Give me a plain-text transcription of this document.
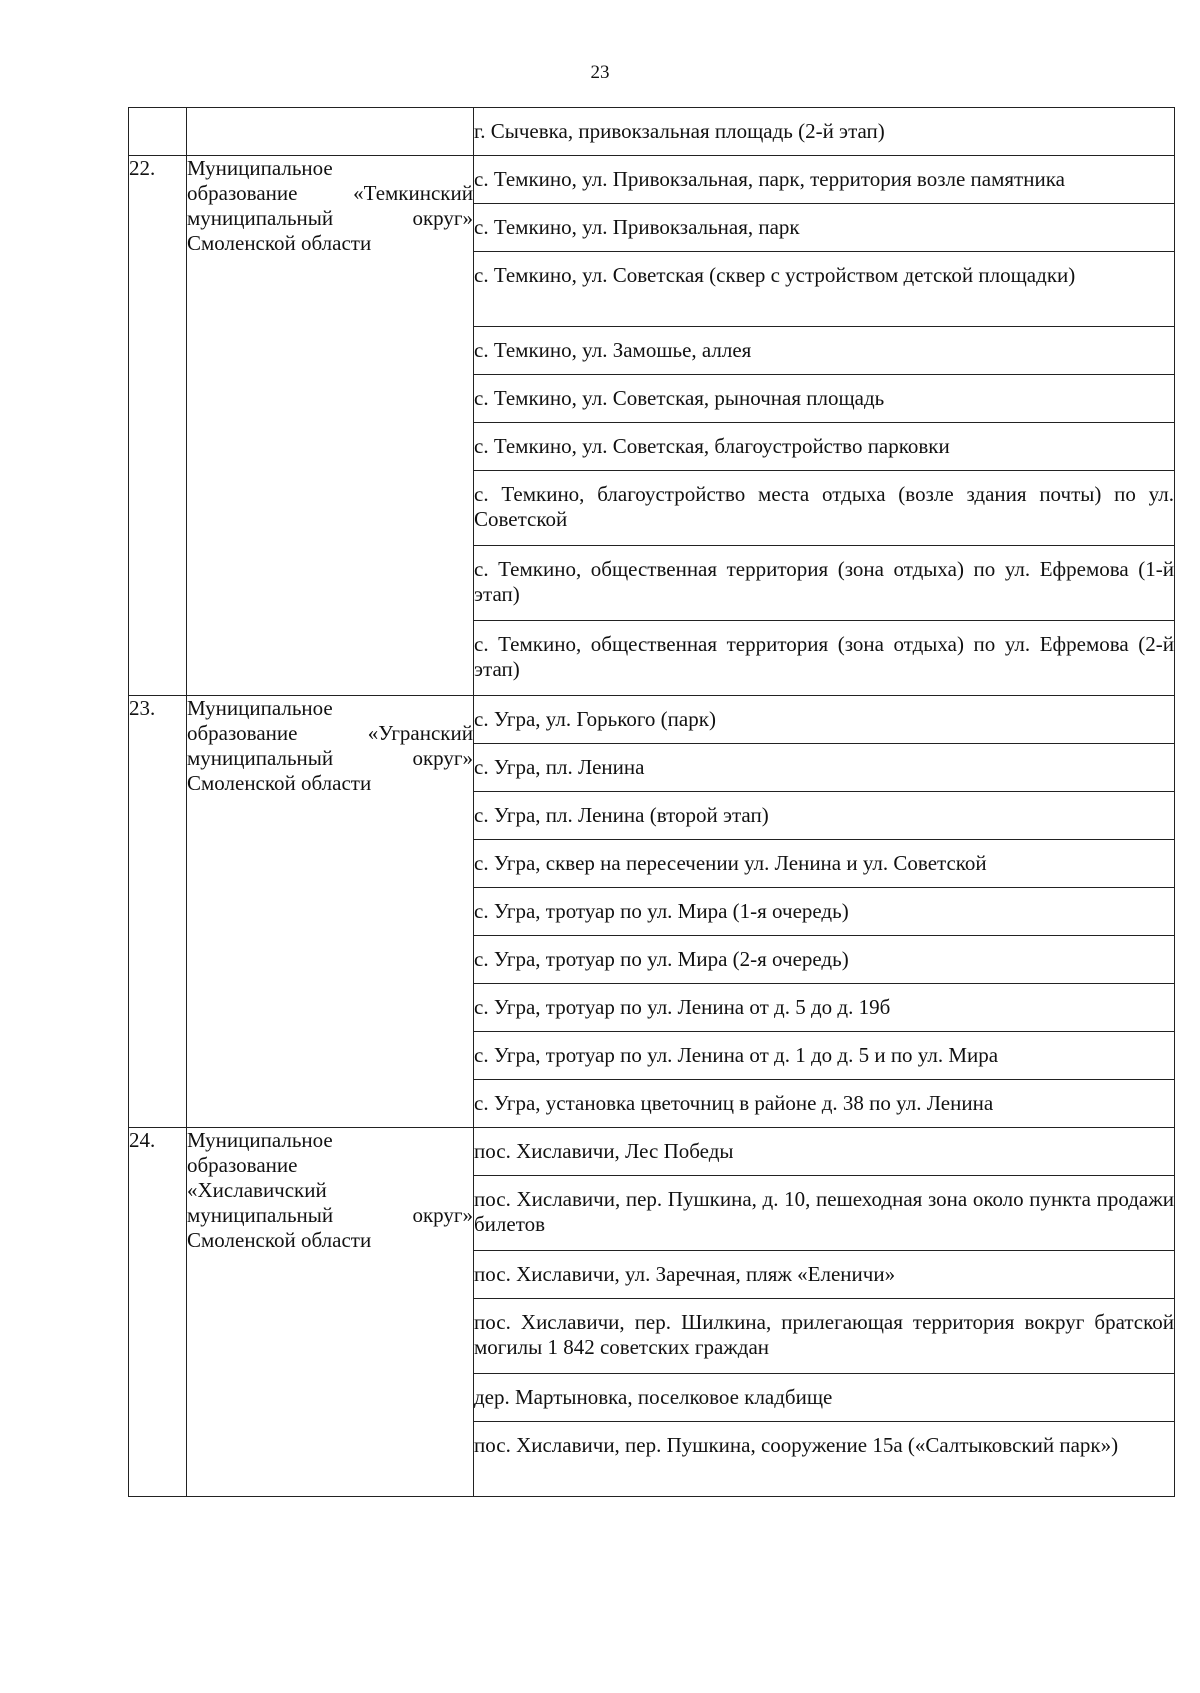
23
		г. Сычевка, привокзальная площадь (2-й этап)
22.	Муниципальное
образование «Темкинский
муниципальный округ»
Смоленской области	с. Темкино, ул. Привокзальная, парк, территория возле памятника
		с. Темкино, ул. Привокзальная, парк
		с. Темкино, ул. Советская (сквер с устройством детской площадки)
		с. Темкино, ул. Замошье, аллея
		с. Темкино, ул. Советская, рыночная площадь
		с. Темкино, ул. Советская, благоустройство парковки
		с. Темкино, благоустройство места отдыха (возле здания почты) по ул. Советской
		с. Темкино, общественная территория (зона отдыха) по ул. Ефремова (1-й этап)
		с. Темкино, общественная территория (зона отдыха) по ул. Ефремова (2-й этап)
23.	Муниципальное
образование «Угранский
муниципальный округ»
Смоленской области	с. Угра, ул. Горького (парк)
		с. Угра, пл. Ленина
		с. Угра, пл. Ленина (второй этап)
		с. Угра, сквер на пересечении ул. Ленина и ул. Советской
		с. Угра, тротуар по ул. Мира (1-я очередь)
		с. Угра, тротуар по ул. Мира (2-я очередь)
		с. Угра, тротуар по ул. Ленина от д. 5 до д. 19б
		с. Угра, тротуар по ул. Ленина от д. 1 до д. 5 и по ул. Мира
		с. Угра, установка цветочниц в районе д. 38 по ул. Ленина
24.	Муниципальное
образование
«Хиславичский
муниципальный округ»
Смоленской области	пос. Хиславичи, Лес Победы
		пос. Хиславичи, пер. Пушкина, д. 10, пешеходная зона около пункта продажи билетов
		пос. Хиславичи, ул. Заречная, пляж «Еленичи»
		пос. Хиславичи, пер. Шилкина, прилегающая территория вокруг братской могилы 1 842 советских граждан
		дер. Мартыновка, поселковое кладбище
		пос. Хиславичи, пер. Пушкина, сооружение 15а («Салтыковский парк»)
